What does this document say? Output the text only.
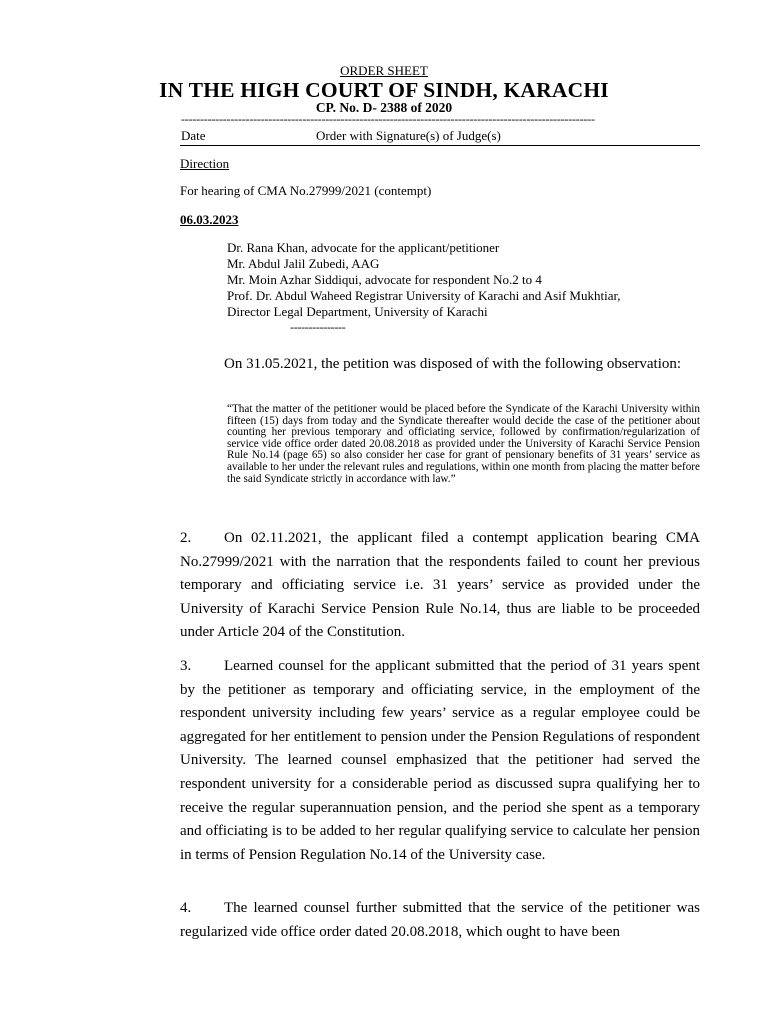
ORDER SHEET
IN THE HIGH COURT OF SINDH, KARACHI
CP. No. D- 2388 of 2020
-------------------------------------------------------------------------------------------------------------
Date	Order with Signature(s) of Judge(s)
Direction
For hearing of CMA No.27999/2021 (contempt)
06.03.2023
Dr. Rana Khan, advocate for the applicant/petitioner
Mr. Abdul Jalil Zubedi, AAG
Mr. Moin Azhar Siddiqui, advocate for respondent No.2 to 4
Prof. Dr. Abdul Waheed Registrar University of Karachi and Asif Mukhtiar,
Director Legal Department, University of Karachi
---------------

On 31.05.2021, the petition was disposed of with the following observation:

“That the matter of the petitioner would be placed before the Syndicate of the Karachi University within fifteen (15) days from today and the Syndicate thereafter would decide the case of the petitioner about counting her previous temporary and officiating service, followed by confirmation/regularization of service vide office order dated 20.08.2018 as provided under the University of Karachi Service Pension Rule No.14 (page 65) so also consider her case for grant of pensionary benefits of 31 years’ service as available to her under the relevant rules and regulations, within one month from placing the matter before the said Syndicate strictly in accordance with law.”

2. On 02.11.2021, the applicant filed a contempt application bearing CMA No.27999/2021 with the narration that the respondents failed to count her previous temporary and officiating service i.e. 31 years’ service as provided under the University of Karachi Service Pension Rule No.14, thus are liable to be proceeded under Article 204 of the Constitution.

3. Learned counsel for the applicant submitted that the period of 31 years spent by the petitioner as temporary and officiating service, in the employment of the respondent university including few years’ service as a regular employee could be aggregated for her entitlement to pension under the Pension Regulations of respondent University. The learned counsel emphasized that the petitioner had served the respondent university for a considerable period as discussed supra qualifying her to receive the regular superannuation pension, and the period she spent as a temporary and officiating is to be added to her regular qualifying service to calculate her pension in terms of Pension Regulation No.14 of the University case.

4. The learned counsel further submitted that the service of the petitioner was regularized vide office order dated 20.08.2018, which ought to have been
